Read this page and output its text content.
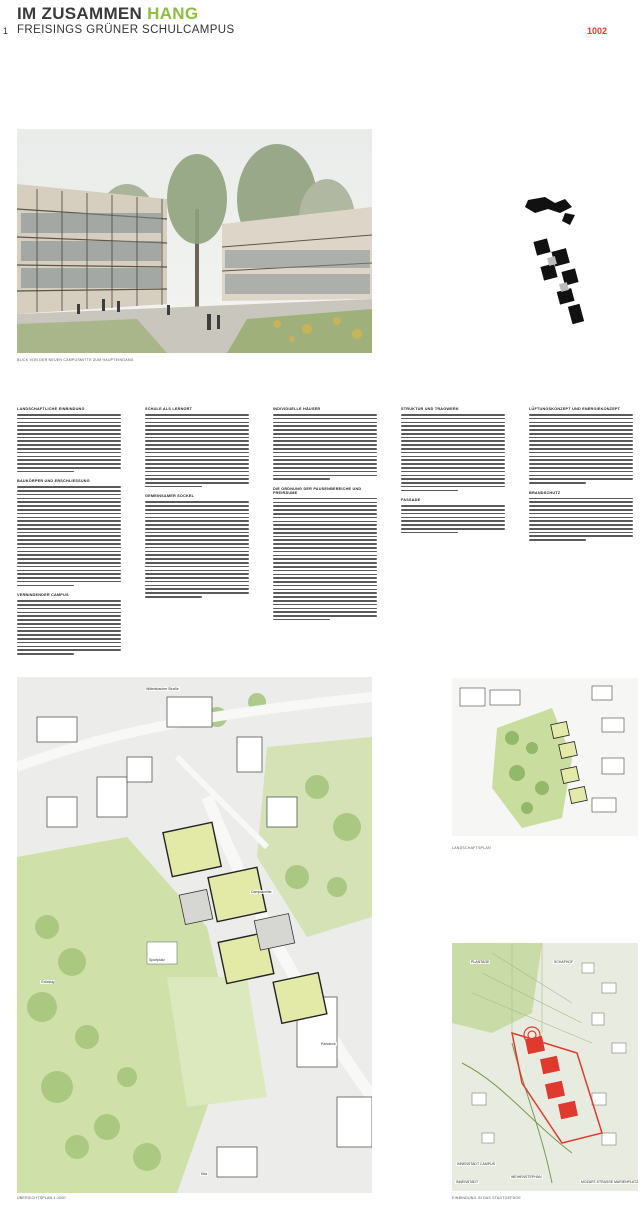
IM ZUSAMMEN HANG
1 FREISINGS GRÜNER SCHULCAMPUS	1002
BLICK VON DER NEUEN CAMPUSMITTE ZUM HAUPTEINGANG
LANDSCHAFTLICHE EINBINDUNG
BAUKÖRPER UND ERSCHLIESSUNG
VERBINDENDER CAMPUS
SCHULE ALS LERNORT
GEMEINSAMER SOCKEL
INDIVIDUELLE HÄUSER
DIE ORDNUNG DER PAUSENBEREICHE UND FREIRÄUME
STRUKTUR UND TRAGWERK
FASSADE
LÜFTUNGSKONZEPT UND ENERGIEKONZEPT
BRANDSCHUTZ
Wittelsbacher Straße
Campusmitte
Sportplatz
Grünzug
Parkdeck
Kita
ÜBERSICHTSPLAN 1:1000
LANDSCHAFTSPLAN
PLANTAGE	SCHAFHOF
INNENSTADT CAMPUS
WEIHENSTEPHAN
INNENSTADT	MOZART-STRASSE MARIENPLATZ
EINBINDUNG IN DAS STADTGEFÜGE
